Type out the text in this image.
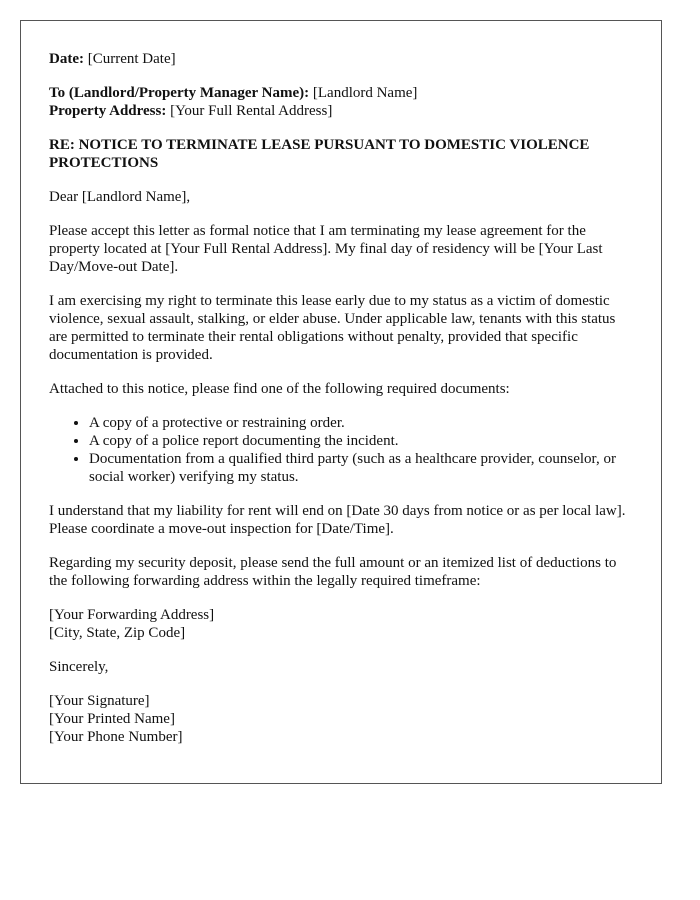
Date: [Current Date]

To (Landlord/Property Manager Name): [Landlord Name]
Property Address: [Your Full Rental Address]

RE: NOTICE TO TERMINATE LEASE PURSUANT TO DOMESTIC VIOLENCE PROTECTIONS

Dear [Landlord Name],

Please accept this letter as formal notice that I am terminating my lease agreement for the property located at [Your Full Rental Address]. My final day of residency will be [Your Last Day/Move-out Date].

I am exercising my right to terminate this lease early due to my status as a victim of domestic violence, sexual assault, stalking, or elder abuse. Under applicable law, tenants with this status are permitted to terminate their rental obligations without penalty, provided that specific documentation is provided.

Attached to this notice, please find one of the following required documents:

• A copy of a protective or restraining order.
• A copy of a police report documenting the incident.
• Documentation from a qualified third party (such as a healthcare provider, counselor, or social worker) verifying my status.

I understand that my liability for rent will end on [Date 30 days from notice or as per local law]. Please coordinate a move-out inspection for [Date/Time].

Regarding my security deposit, please send the full amount or an itemized list of deductions to the following forwarding address within the legally required timeframe:

[Your Forwarding Address]
[City, State, Zip Code]

Sincerely,

[Your Signature]
[Your Printed Name]
[Your Phone Number]
